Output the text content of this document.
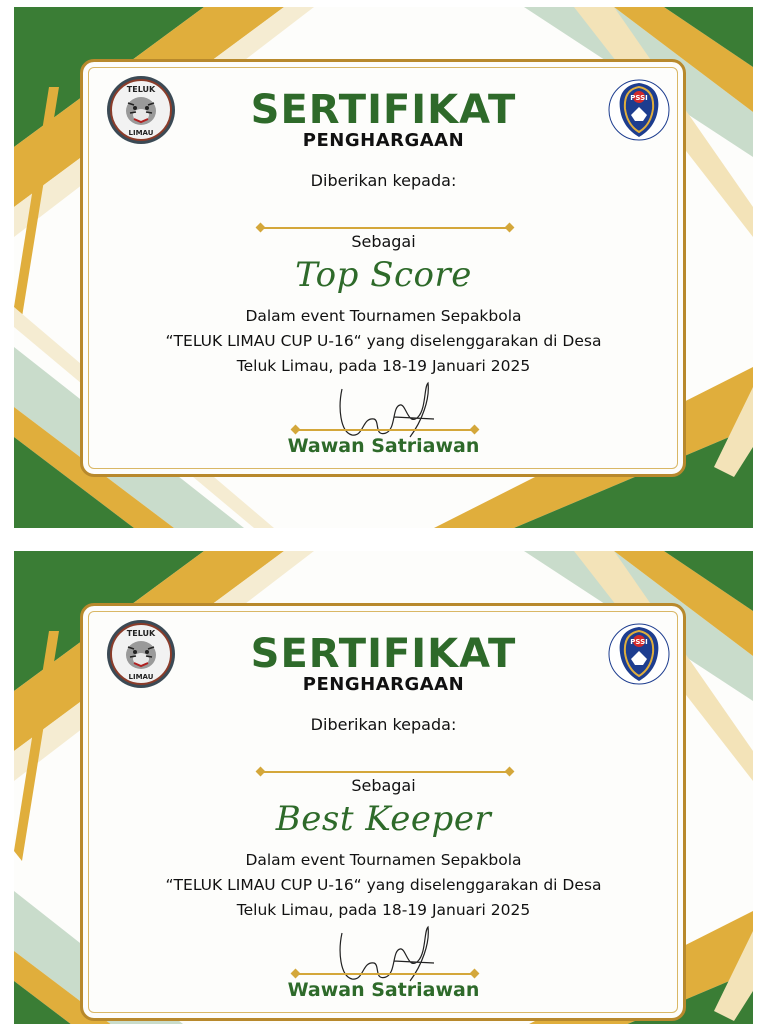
TELUK
LIMAU
PSSI
SERTIFIKAT
PENGHARGAAN
Diberikan kepada:
Sebagai
Top Score
Dalam event Tournamen Sepakbola
“TELUK LIMAU CUP U-16“ yang diselenggarakan di Desa
Teluk Limau, pada 18-19 Januari 2025
Wawan Satriawan
TELUK
LIMAU
PSSI
SERTIFIKAT
PENGHARGAAN
Diberikan kepada:
Sebagai
Best Keeper
Dalam event Tournamen Sepakbola
“TELUK LIMAU CUP U-16“ yang diselenggarakan di Desa
Teluk Limau, pada 18-19 Januari 2025
Wawan Satriawan
